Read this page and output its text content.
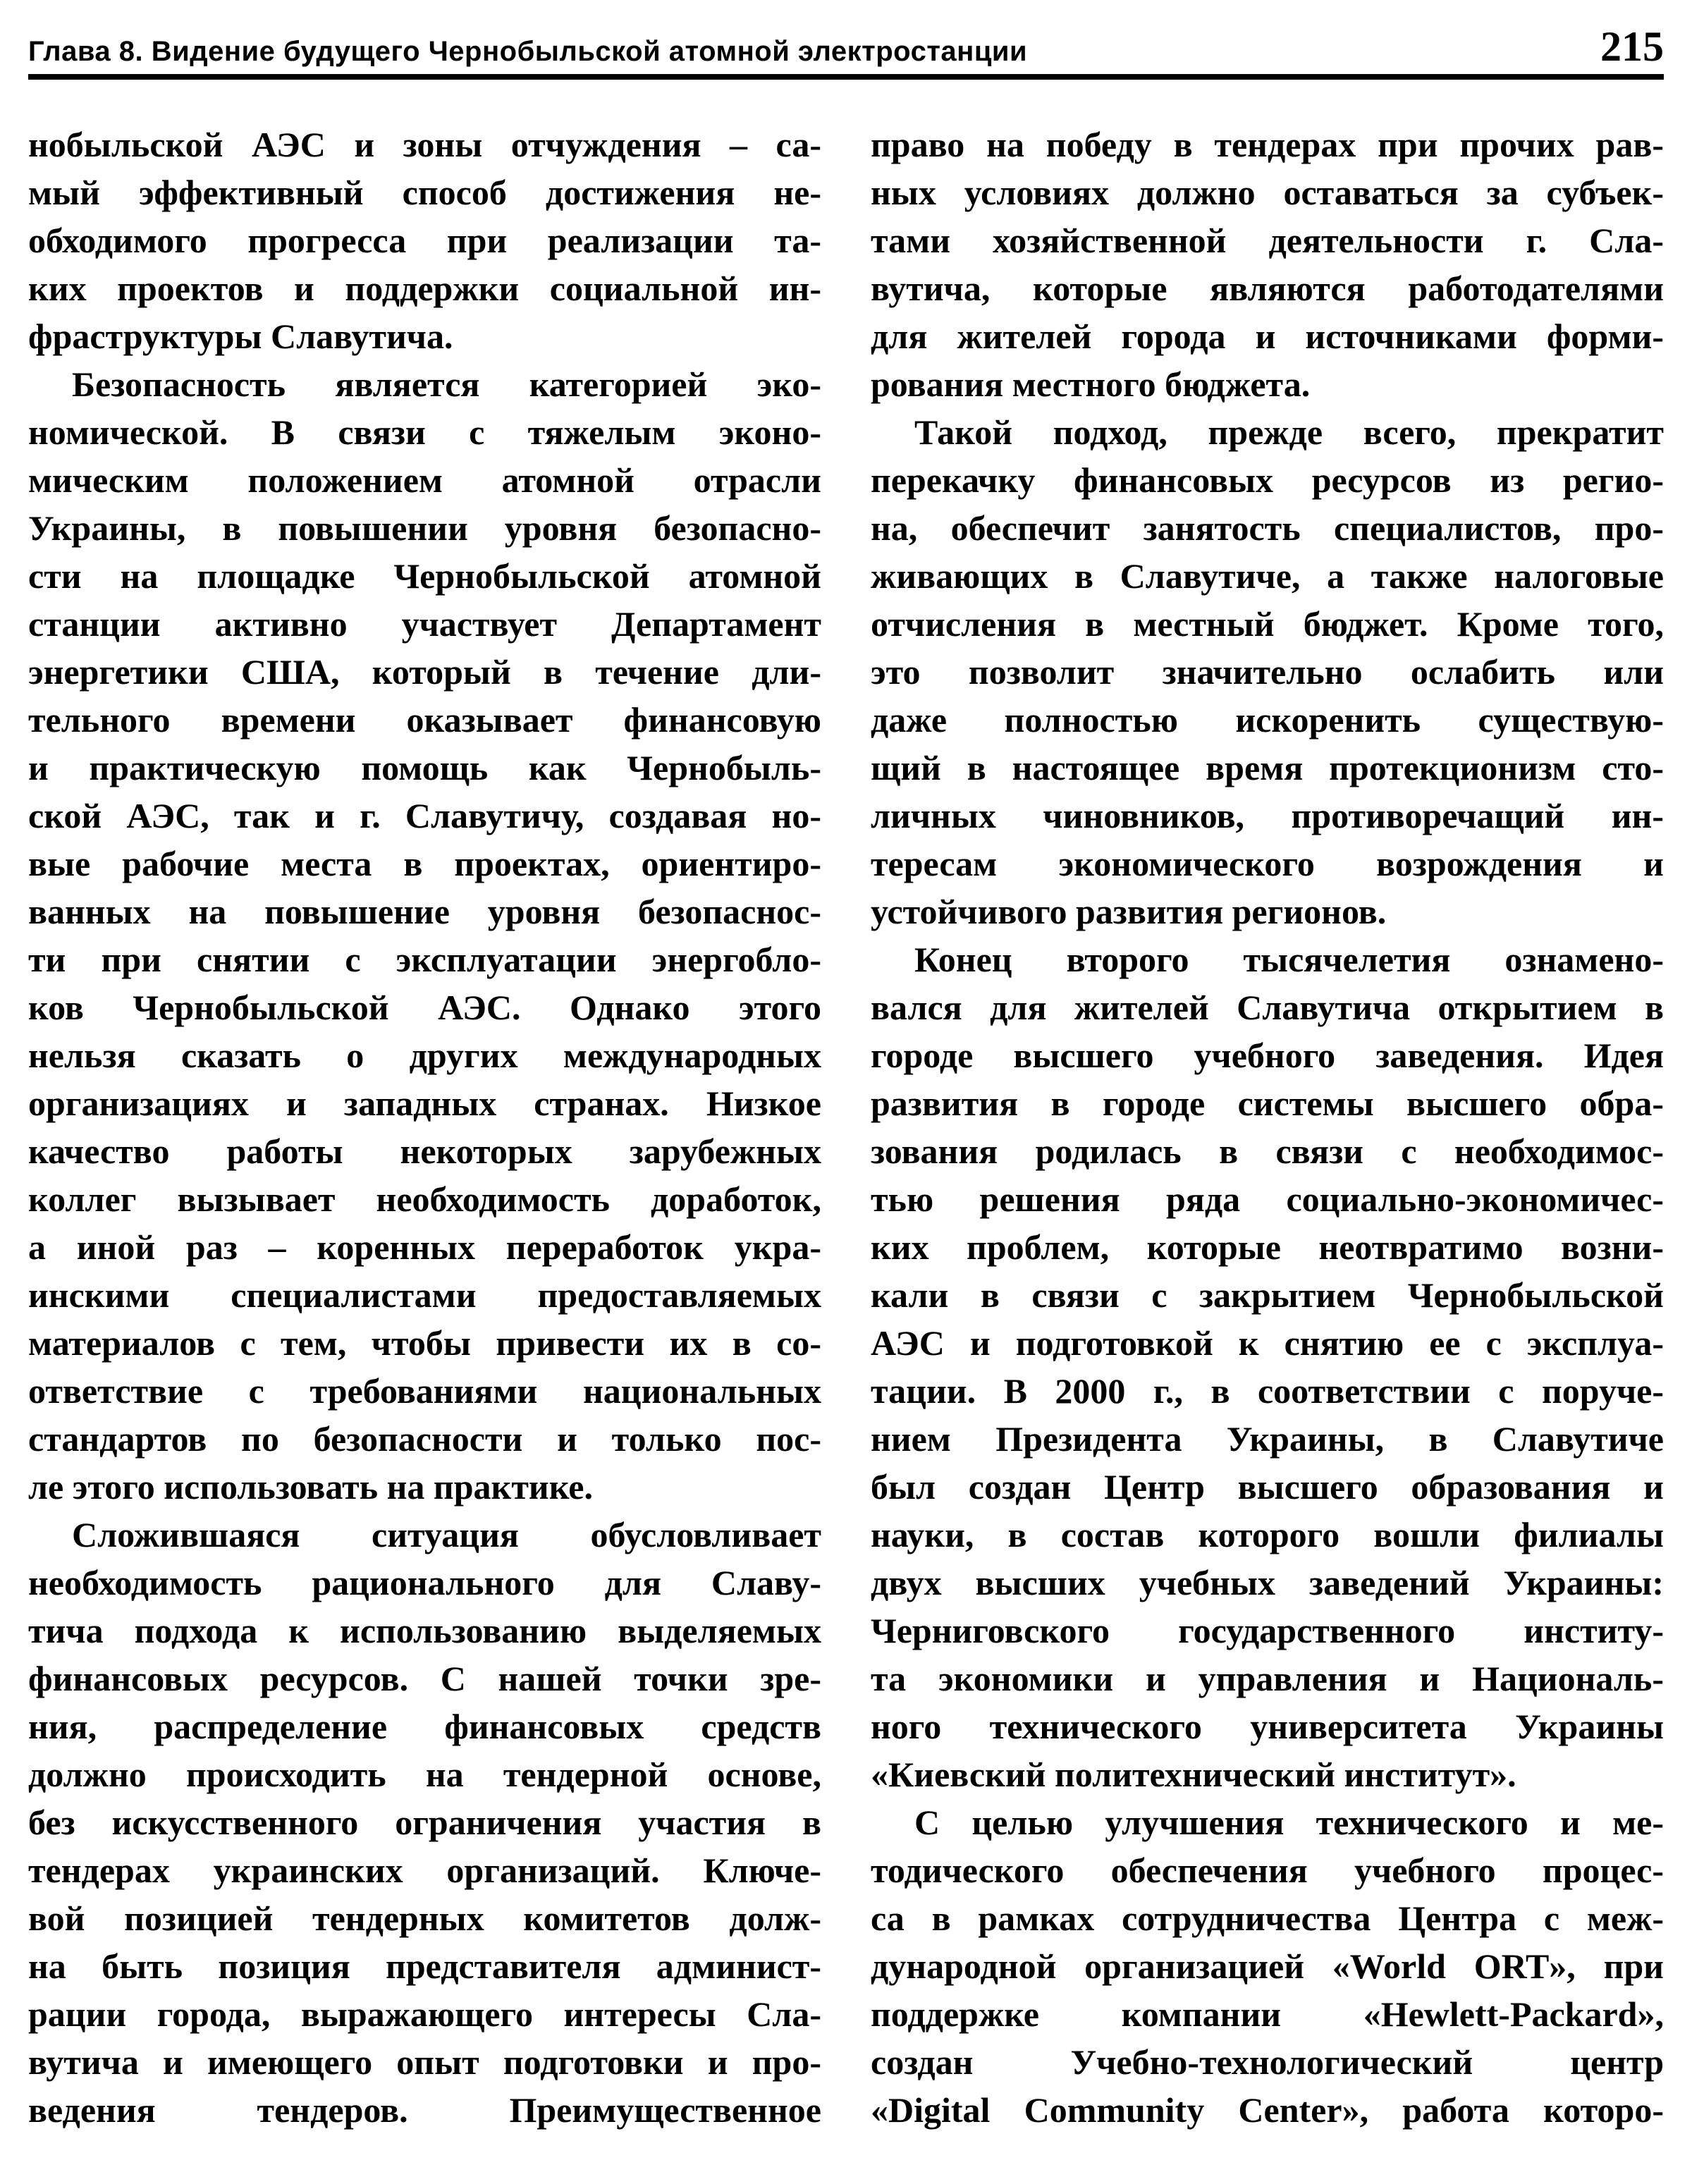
Глава 8. Видение будущего Чернобыльской атомной электростанции	215
нобыльской АЭС и зоны отчуждения – са-
мый эффективный способ достижения не-
обходимого прогресса при реализации та-
ких проектов и поддержки социальной ин-
фраструктуры Славутича.
Безопасность является категорией эко-
номической. В связи с тяжелым эконо-
мическим положением атомной отрасли
Украины, в повышении уровня безопасно-
сти на площадке Чернобыльской атомной
станции активно участвует Департамент
энергетики США, который в течение дли-
тельного времени оказывает финансовую
и практическую помощь как Чернобыль-
ской АЭС, так и г. Славутичу, создавая но-
вые рабочие места в проектах, ориентиро-
ванных на повышение уровня безопаснос-
ти при снятии с эксплуатации энергобло-
ков Чернобыльской АЭС. Однако этого
нельзя сказать о других международных
организациях и западных странах. Низкое
качество работы некоторых зарубежных
коллег вызывает необходимость доработок,
а иной раз – коренных переработок укра-
инскими специалистами предоставляемых
материалов с тем, чтобы привести их в со-
ответствие с требованиями национальных
стандартов по безопасности и только пос-
ле этого использовать на практике.
Сложившаяся ситуация обусловливает
необходимость рационального для Славу-
тича подхода к использованию выделяемых
финансовых ресурсов. С нашей точки зре-
ния, распределение финансовых средств
должно происходить на тендерной основе,
без искусственного ограничения участия в
тендерах украинских организаций. Ключе-
вой позицией тендерных комитетов долж-
на быть позиция представителя админист-
рации города, выражающего интересы Сла-
вутича и имеющего опыт подготовки и про-
ведения тендеров. Преимущественное
право на победу в тендерах при прочих рав-
ных условиях должно оставаться за субъек-
тами хозяйственной деятельности г. Сла-
вутича, которые являются работодателями
для жителей города и источниками форми-
рования местного бюджета.
Такой подход, прежде всего, прекратит
перекачку финансовых ресурсов из регио-
на, обеспечит занятость специалистов, про-
живающих в Славутиче, а также налоговые
отчисления в местный бюджет. Кроме того,
это позволит значительно ослабить или
даже полностью искоренить существую-
щий в настоящее время протекционизм сто-
личных чиновников, противоречащий ин-
тересам экономического возрождения и
устойчивого развития регионов.
Конец второго тысячелетия ознамено-
вался для жителей Славутича открытием в
городе высшего учебного заведения. Идея
развития в городе системы высшего обра-
зования родилась в связи с необходимос-
тью решения ряда социально-экономичес-
ких проблем, которые неотвратимо возни-
кали в связи с закрытием Чернобыльской
АЭС и подготовкой к снятию ее с эксплуа-
тации. В 2000 г., в соответствии с поруче-
нием Президента Украины, в Славутиче
был создан Центр высшего образования и
науки, в состав которого вошли филиалы
двух высших учебных заведений Украины:
Черниговского государственного институ-
та экономики и управления и Националь-
ного технического университета Украины
«Киевский политехнический институт».
С целью улучшения технического и ме-
тодического обеспечения учебного процес-
са в рамках сотрудничества Центра с меж-
дународной организацией «World ORT», при
поддержке компании «Hewlett-Packard»,
создан Учебно-технологический центр
«Digital Community Center», работа которо-
